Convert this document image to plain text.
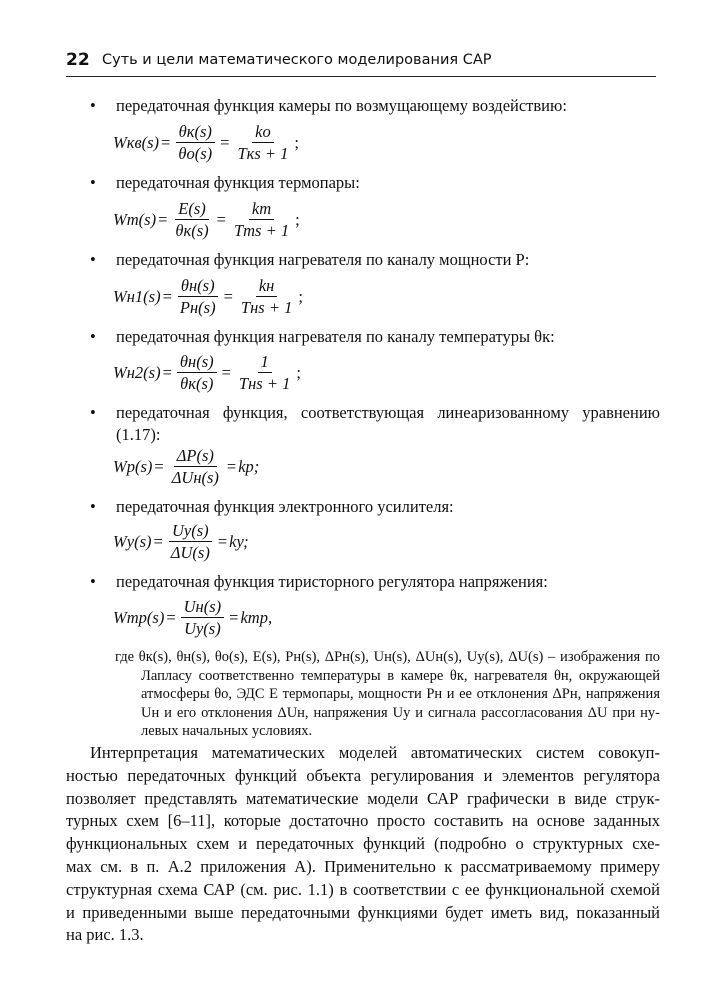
22 Суть и цели математического моделирования САР
• передаточная функция камеры по возмущающему воздействию:
$Wкв(s) = \frac{\theta к(s)}{\theta о(s)} = \frac{kо}{\text{Tкs + 1}}$ ;
• передаточная функция термопары:
$Wт(s) = \frac{E(s)}{\theta к(s)} = \frac{kт}{\text{Tтs + 1}}$ ;
• передаточная функция нагревателя по каналу мощности P:
$Wн1(s) = \frac{\theta н(s)}{Pн(s)} = \frac{kн}{\text{Tнs + 1}}$ ;
• передаточная функция нагревателя по каналу температуры θк:
$Wн2(s) = \frac{\theta н(s)}{\theta к(s)} = \frac{1}{\text{Tнs + 1}}$ ;
• передаточная функция, соответствующая линеаризованному уравнению (1.17):
$Wр(s) = \frac{\Delta P(s)}{\text{ΔUн(s)}}$ = kр;
• передаточная функция электронного усилителя:
$Wу(s) = \frac{Uу(s)}{\Delta U(s)}$ = kу;
• передаточная функция тиристорного регулятора напряжения:
$Wтр(s) = \frac{Uн(s)}{Uу(s)}$ = kтр,
где θк(s), θн(s), θо(s), E(s), Pн(s), ΔPн(s), Uн(s), ΔUн(s), Uу(s), ΔU(s) – изображения по
Лапласу соответственно температуры в камере θк, нагревателя θн, окружающей
атмосферы θо, ЭДС E термопары, мощности Pн и ее отклонения ΔPн, напряжения
Uн и его отклонения ΔUн, напряжения Uу и сигнала рассогласования ΔU при ну-
левых начальных условиях.
Интерпретация математических моделей автоматических систем совокуп-
ностью передаточных функций объекта регулирования и элементов регулятора
позволяет представлять математические модели САР графически в виде струк-
турных схем [6–11], которые достаточно просто составить на основе заданных
функциональных схем и передаточных функций (подробно о структурных схе-
мах см. в п. А.2 приложения А). Применительно к рассматриваемому примеру
структурная схема САР (см. рис. 1.1) в соответствии с ее функциональной схемой
и приведенными выше передаточными функциями будет иметь вид, показанный
на рис. 1.3.
